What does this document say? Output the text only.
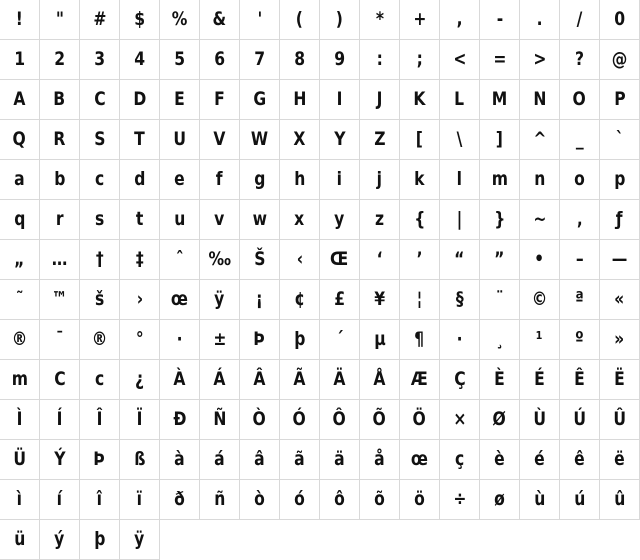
! " # $ % & ' ( ) * + , - . / 0
1 2 3 4 5 6 7 8 9 : ; < = > ? @
A B C D E F G H I J K L M N O P
Q R S T U V W X Y Z [ \ ] ^ _ `
a b c d e f g h i j k l m n o p
q r s t u v w x y z { | } ~ ‚ ƒ
„ … † ‡ ˆ ‰ Š ‹ Œ ‘ ’ “ ” • – —
˜ ™ š › œ ÿ ¡ ¢ £ ¥ ¦ § ¨ © ª «
® ¯ ® ° · ± Þ þ ´ µ ¶ · ¸ ¹ º »
m C c ¿ À Á Â Ã Ä Å Æ Ç È É Ê Ë
Ì Í Î Ï Ð Ñ Ò Ó Ô Õ Ö × Ø Ù Ú Û
Ü Ý Þ ß à á â ã ä å œ ç è é ê ë
ì í î ï ð ñ ò ó ô õ ö ÷ ø ù ú û
ü ý þ ÿ
